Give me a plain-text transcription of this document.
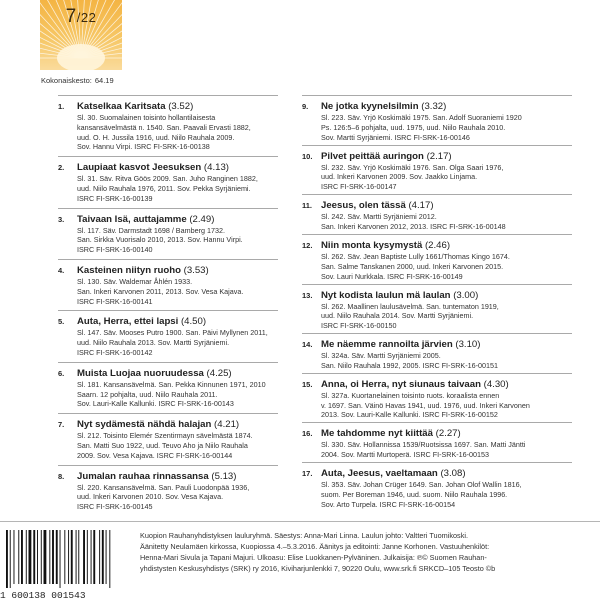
7/22
Kokonaiskesto: 64.19
1.	Katselkaa Karitsata (3.52)
Sl. 30. Suomalainen toisinto hollantilaisesta
kansansävelmästä n. 1540. San. Paavali Ervasti 1882,
uud. O. H. Jussila 1916, uud. Niilo Rauhala 2009.
Sov. Hannu Virpi. ISRC FI-SRK-16-00138
2.	Laupiaat kasvot Jeesuksen (4.13)
Sl. 31. Säv. Ritva Göös 2009. San. Juho Ranginen 1882,
uud. Niilo Rauhala 1976, 2011. Sov. Pekka Syrjäniemi.
ISRC FI-SRK-16-00139
3.	Taivaan Isä, auttajamme (2.49)
Sl. 117. Säv. Darmstadt 1698 / Bamberg 1732.
San. Sirkka Vuorisalo 2010, 2013. Sov. Hannu Virpi.
ISRC FI-SRK-16-00140
4.	Kasteinen niityn ruoho (3.53)
Sl. 130. Säv. Waldemar Åhlén 1933.
San. Inkeri Karvonen 2011, 2013. Sov. Vesa Kajava.
ISRC FI-SRK-16-00141
5.	Auta, Herra, ettei lapsi (4.50)
Sl. 147. Säv. Mooses Putro 1900. San. Päivi Myllynen 2011,
uud. Niilo Rauhala 2013. Sov. Martti Syrjäniemi.
ISRC FI-SRK-16-00142
6.	Muista Luojaa nuoruudessa (4.25)
Sl. 181. Kansansävelmä. San. Pekka Kinnunen 1971, 2010
Saarn. 12 pohjalta, uud. Niilo Rauhala 2011.
Sov. Lauri-Kalle Kallunki. ISRC FI-SRK-16-00143
7.	Nyt sydämestä nähdä halajan (4.21)
Sl. 212. Toisinto Elemér Szentirmayn sävelmästä 1874.
San. Matti Suo 1922, uud. Teuvo Aho ja Niilo Rauhala
2009. Sov. Vesa Kajava. ISRC FI-SRK-16-00144
8.	Jumalan rauhaa rinnassansa (5.13)
Sl. 220. Kansansävelmä. San. Pauli Luodonpää 1936,
uud. Inkeri Karvonen 2010. Sov. Vesa Kajava.
ISRC FI-SRK-16-00145
9.	Ne jotka kyynelsilmin (3.32)
Sl. 223. Säv. Yrjö Koskimäki 1975. San. Adolf Suoraniemi 1920
Ps. 126:5–6 pohjalta, uud. 1975, uud. Niilo Rauhala 2010.
Sov. Martti Syrjäniemi. ISRC FI-SRK-16-00146
10. Pilvet peittää auringon (2.17)
Sl. 232. Säv. Yrjö Koskimäki 1976. San. Olga Saari 1976,
uud. Inkeri Karvonen 2009. Sov. Jaakko Linjama.
ISRC FI-SRK-16-00147
11. Jeesus, olen tässä (4.17)
Sl. 242. Säv. Martti Syrjäniemi 2012.
San. Inkeri Karvonen 2012, 2013. ISRC FI-SRK-16-00148
12. Niin monta kysymystä (2.46)
Sl. 262. Säv. Jean Baptiste Lully 1661/Thomas Kingo 1674.
San. Salme Tanskanen 2000, uud. Inkeri Karvonen 2015.
Sov. Lauri Nurkkala. ISRC FI-SRK-16-00149
13. Nyt kodista laulun mä laulan (3.00)
Sl. 262. Maallinen laulusävelmä. San. tuntematon 1919,
uud. Niilo Rauhala 2014. Sov. Martti Syrjäniemi.
ISRC FI-SRK-16-00150
14. Me näemme rannoilta järvien (3.10)
Sl. 324a. Säv. Martti Syrjäniemi 2005.
San. Niilo Rauhala 1992, 2005. ISRC FI-SRK-16-00151
15. Anna, oi Herra, nyt siunaus taivaan (4.30)
Sl. 327a. Kuortanelainen toisinto ruots. koraalista ennen
v. 1697. San. Väinö Havas 1941, uud. 1976, uud. Inkeri Karvonen
2013. Sov. Lauri-Kalle Kallunki. ISRC FI-SRK-16-00152
16. Me tahdomme nyt kiittää (2.27)
Sl. 330. Säv. Hollannissa 1539/Ruotsissa 1697. San. Matti Jäntti
2004. Sov. Martti Murtoperä. ISRC FI-SRK-16-00153
17. Auta, Jeesus, vaeltamaan (3.08)
Sl. 353. Säv. Johan Crüger 1649. San. Johan Olof Wallin 1816,
suom. Per Boreman 1946, uud. suom. Niilo Rauhala 1996.
Sov. Arto Turpela. ISRC FI-SRK-16-00154
1 600138 001543
Kuopion Rauhanyhdistyksen lauluryhmä. Säestys: Anna-Mari Linna. Laulun johto: Valtteri Tuomikoski.
Äänitetty Neulamäen kirkossa, Kuopiossa 4.–5.3.2016. Äänitys ja editointi: Janne Korhonen. Vastuuhenkilöt:
Henna-Mari Sivula ja Tapani Majuri. Ulkoasu: Elise Luokkanen-Pylväninen. Julkaisija: ℗© Suomen Rauhan-
yhdistysten Keskusyhdistys (SRK) ry 2016, Kiviharjunlenkki 7, 90220 Oulu, www.srk.fi SRKCD–105 Teosto ©b
